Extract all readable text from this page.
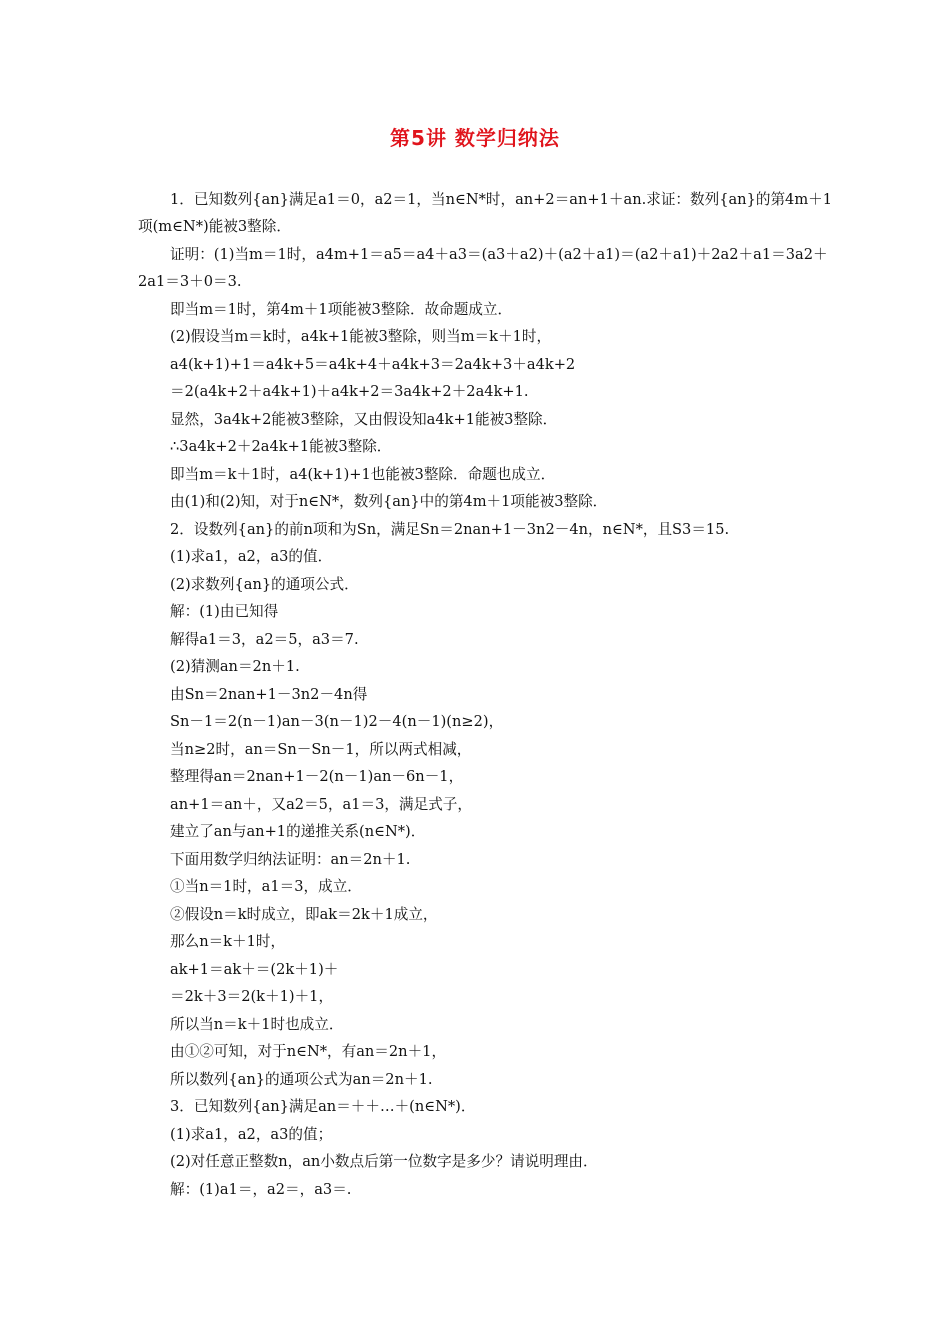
第5讲 数学归纳法
1．已知数列{an}满足a1＝0，a2＝1，当n∈N*时，an+2＝an+1＋an.求证：数列{an}的第4m＋1
项(m∈N*)能被3整除．
证明：(1)当m＝1时，a4m+1＝a5＝a4＋a3＝(a3＋a2)＋(a2＋a1)＝(a2＋a1)＋2a2＋a1＝3a2＋
2a1＝3＋0＝3.
即当m＝1时，第4m＋1项能被3整除．故命题成立．
(2)假设当m＝k时，a4k+1能被3整除，则当m＝k＋1时，
a4(k+1)+1＝a4k+5＝a4k+4＋a4k+3＝2a4k+3＋a4k+2
＝2(a4k+2＋a4k+1)＋a4k+2＝3a4k+2＋2a4k+1.
显然，3a4k+2能被3整除，又由假设知a4k+1能被3整除．
∴3a4k+2＋2a4k+1能被3整除．
即当m＝k＋1时，a4(k+1)+1也能被3整除．命题也成立．
由(1)和(2)知，对于n∈N*，数列{an}中的第4m＋1项能被3整除．
2．设数列{an}的前n项和为Sn，满足Sn＝2nan+1－3n2－4n，n∈N*，且S3＝15.
(1)求a1，a2，a3的值．
(2)求数列{an}的通项公式．
解：(1)由已知得
解得a1＝3，a2＝5，a3＝7.
(2)猜测an＝2n＋1.
由Sn＝2nan+1－3n2－4n得
Sn－1＝2(n－1)an－3(n－1)2－4(n－1)(n≥2)，
当n≥2时，an＝Sn－Sn－1，所以两式相减，
整理得an＝2nan+1－2(n－1)an－6n－1，
an+1＝an＋，又a2＝5，a1＝3，满足式子，
建立了an与an+1的递推关系(n∈N*)．
下面用数学归纳法证明：an＝2n＋1.
①当n＝1时，a1＝3，成立．
②假设n＝k时成立，即ak＝2k＋1成立，
那么n＝k＋1时，
ak+1＝ak＋＝(2k＋1)＋
＝2k＋3＝2(k＋1)＋1，
所以当n＝k＋1时也成立．
由①②可知，对于n∈N*，有an＝2n＋1，
所以数列{an}的通项公式为an＝2n＋1.
3．已知数列{an}满足an＝＋＋…＋(n∈N*)．
(1)求a1，a2，a3的值；
(2)对任意正整数n，an小数点后第一位数字是多少？请说明理由．
解：(1)a1＝，a2＝，a3＝.
